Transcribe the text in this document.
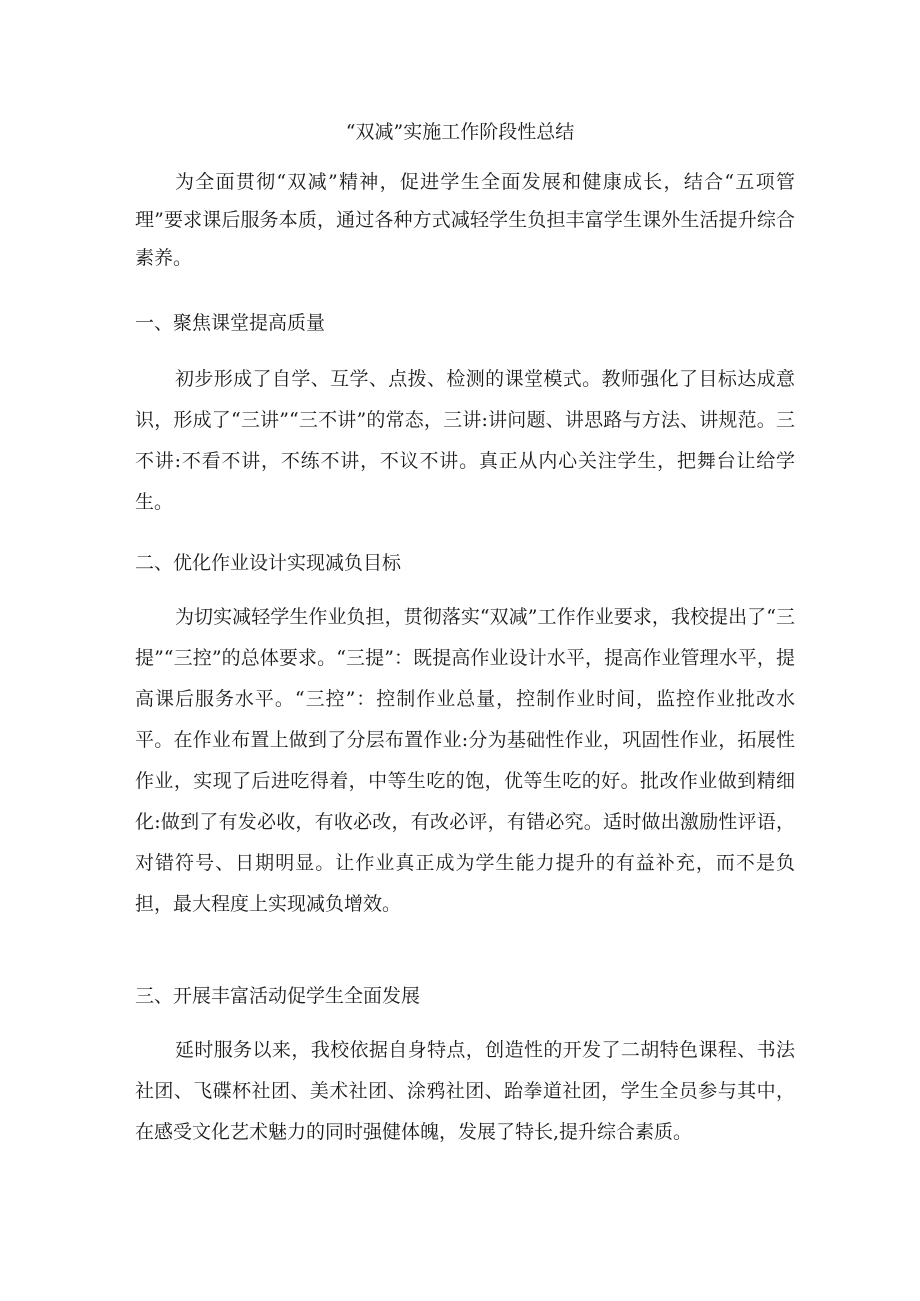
“双减”实施工作阶段性总结

为全面贯彻“双减”精神，促进学生全面发展和健康成长，结合“五项管理”要求课后服务本质，通过各种方式减轻学生负担丰富学生课外生活提升综合素养。

一、聚焦课堂提高质量

初步形成了自学、互学、点拨、检测的课堂模式。教师强化了目标达成意识，形成了“三讲”“三不讲”的常态，三讲:讲问题、讲思路与方法、讲规范。三不讲:不看不讲，不练不讲，不议不讲。真正从内心关注学生，把舞台让给学生。

二、优化作业设计实现减负目标

为切实减轻学生作业负担，贯彻落实“双减”工作作业要求，我校提出了“三提”“三控”的总体要求。“三提”：既提高作业设计水平，提高作业管理水平，提高课后服务水平。“三控”：控制作业总量，控制作业时间，监控作业批改水平。在作业布置上做到了分层布置作业:分为基础性作业，巩固性作业，拓展性作业，实现了后进吃得着，中等生吃的饱，优等生吃的好。批改作业做到精细化:做到了有发必收，有收必改，有改必评，有错必究。适时做出激励性评语，对错符号、日期明显。让作业真正成为学生能力提升的有益补充，而不是负担，最大程度上实现减负增效。

三、开展丰富活动促学生全面发展

延时服务以来，我校依据自身特点，创造性的开发了二胡特色课程、书法社团、飞碟杯社团、美术社团、涂鸦社团、跆拳道社团，学生全员参与其中，在感受文化艺术魅力的同时强健体魄，发展了特长,提升综合素质。
